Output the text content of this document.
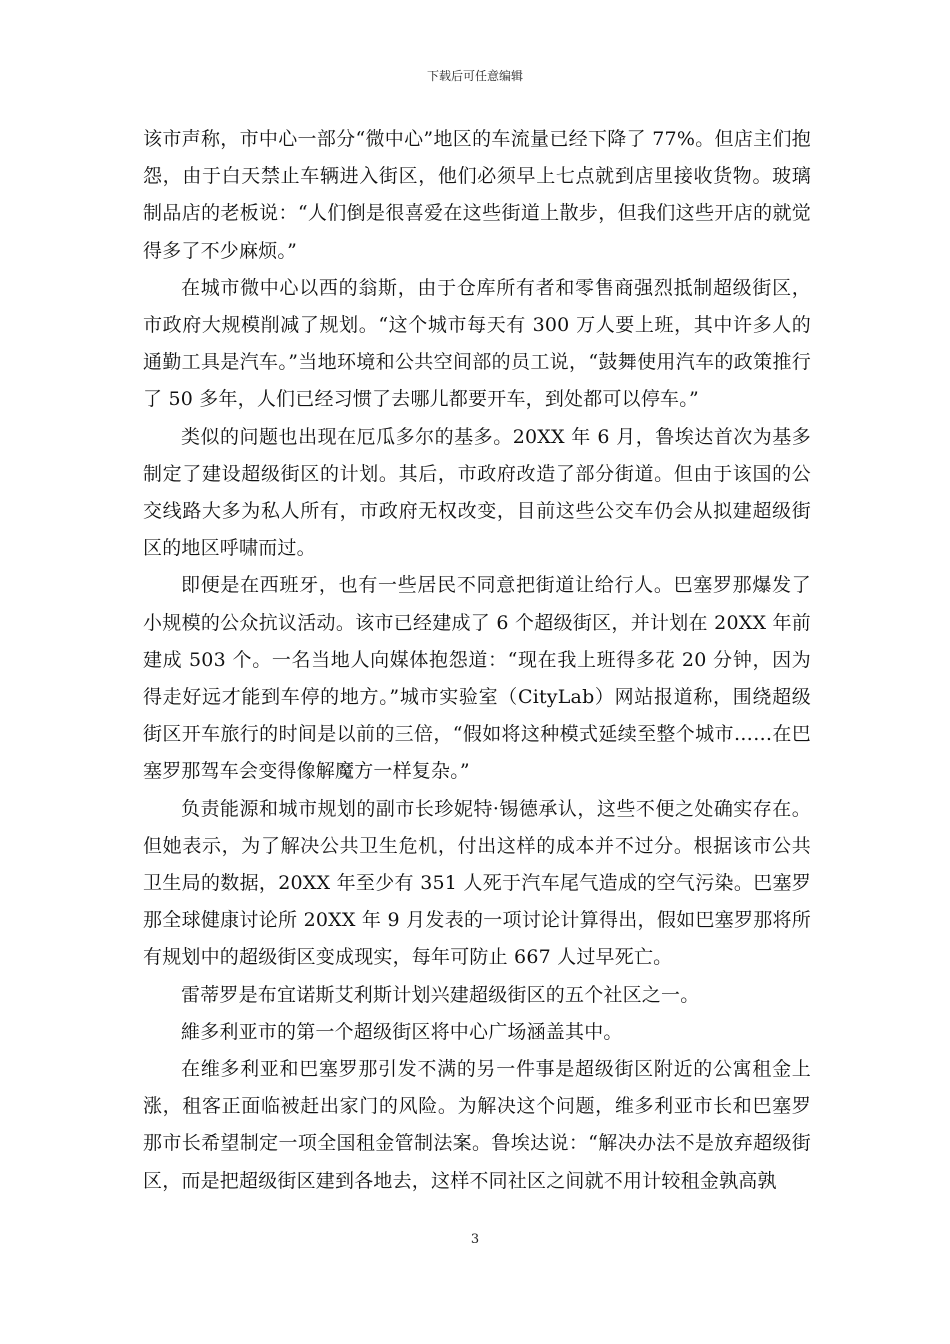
下载后可任意编辑

该市声称，市中心一部分“微中心”地区的车流量已经下降了 77%。但店主们抱怨，由于白天禁止车辆进入街区，他们必须早上七点就到店里接收货物。玻璃制品店的老板说：“人们倒是很喜爱在这些街道上散步，但我们这些开店的就觉得多了不少麻烦。”

在城市微中心以西的翁斯，由于仓库所有者和零售商强烈抵制超级街区，市政府大规模削减了规划。“这个城市每天有 300 万人要上班，其中许多人的通勤工具是汽车。”当地环境和公共空间部的员工说，“鼓舞使用汽车的政策推行了 50 多年，人们已经习惯了去哪儿都要开车，到处都可以停车。”

类似的问题也出现在厄瓜多尔的基多。20XX 年 6 月，鲁埃达首次为基多制定了建设超级街区的计划。其后，市政府改造了部分街道。但由于该国的公交线路大多为私人所有，市政府无权改变，目前这些公交车仍会从拟建超级街区的地区呼啸而过。

即便是在西班牙，也有一些居民不同意把街道让给行人。巴塞罗那爆发了小规模的公众抗议活动。该市已经建成了 6 个超级街区，并计划在 20XX 年前建成 503 个。一名当地人向媒体抱怨道：“现在我上班得多花 20 分钟，因为得走好远才能到车停的地方。”城市实验室（CityLab）网站报道称，围绕超级街区开车旅行的时间是以前的三倍，“假如将这种模式延续至整个城市……在巴塞罗那驾车会变得像解魔方一样复杂。”

负责能源和城市规划的副市长珍妮特·锡德承认，这些不便之处确实存在。但她表示，为了解决公共卫生危机，付出这样的成本并不过分。根据该市公共卫生局的数据，20XX 年至少有 351 人死于汽车尾气造成的空气污染。巴塞罗那全球健康讨论所 20XX 年 9 月发表的一项讨论计算得出，假如巴塞罗那将所有规划中的超级街区变成现实，每年可防止 667 人过早死亡。

雷蒂罗是布宜诺斯艾利斯计划兴建超级街区的五个社区之一。

維多利亚市的第一个超级街区将中心广场涵盖其中。

在维多利亚和巴塞罗那引发不满的另一件事是超级街区附近的公寓租金上涨，租客正面临被赶出家门的风险。为解决这个问题，维多利亚市长和巴塞罗那市长希望制定一项全国租金管制法案。鲁埃达说：“解决办法不是放弃超级街区，而是把超级街区建到各地去，这样不同社区之间就不用计较租金孰高孰

3
